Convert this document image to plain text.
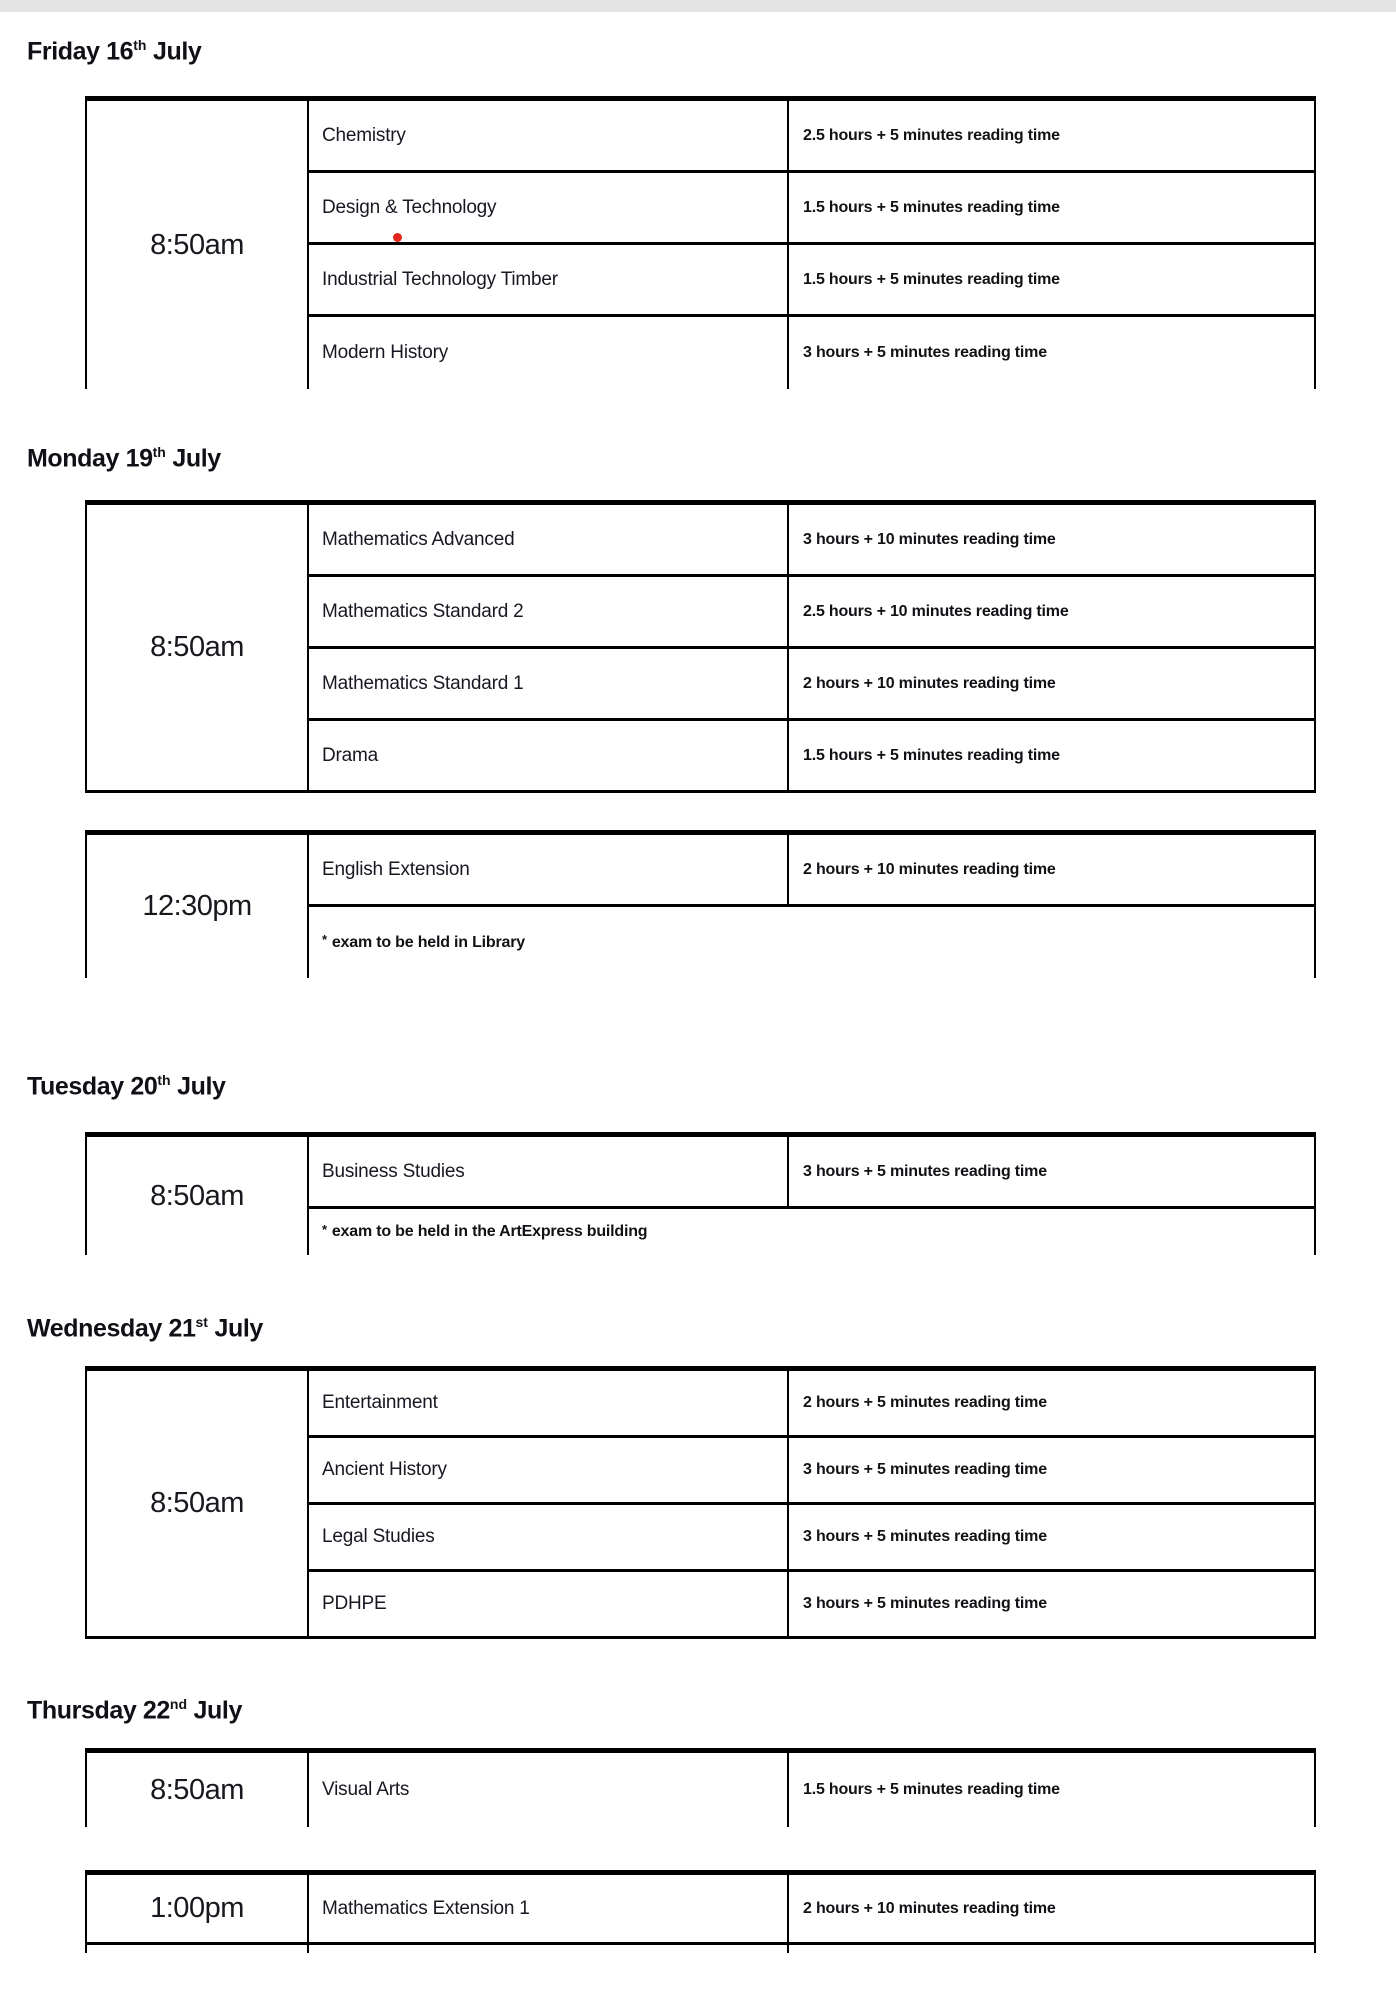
Friday 16th July
8:50am
Chemistry	2.5 hours + 5 minutes reading time
Design & Technology	1.5 hours + 5 minutes reading time
Industrial Technology Timber	1.5 hours + 5 minutes reading time
Modern History	3 hours + 5 minutes reading time
Monday 19th July
8:50am
Mathematics Advanced	3 hours + 10 minutes reading time
Mathematics Standard 2	2.5 hours + 10 minutes reading time
Mathematics Standard 1	2 hours + 10 minutes reading time
Drama	1.5 hours + 5 minutes reading time
12:30pm
English Extension	2 hours + 10 minutes reading time
* exam to be held in Library
Tuesday 20th July
8:50am
Business Studies	3 hours + 5 minutes reading time
* exam to be held in the ArtExpress building
Wednesday 21st July
8:50am
Entertainment	2 hours + 5 minutes reading time
Ancient History	3 hours + 5 minutes reading time
Legal Studies	3 hours + 5 minutes reading time
PDHPE	3 hours + 5 minutes reading time
Thursday 22nd July
8:50am	Visual Arts	1.5 hours + 5 minutes reading time
1:00pm	Mathematics Extension 1	2 hours + 10 minutes reading time
